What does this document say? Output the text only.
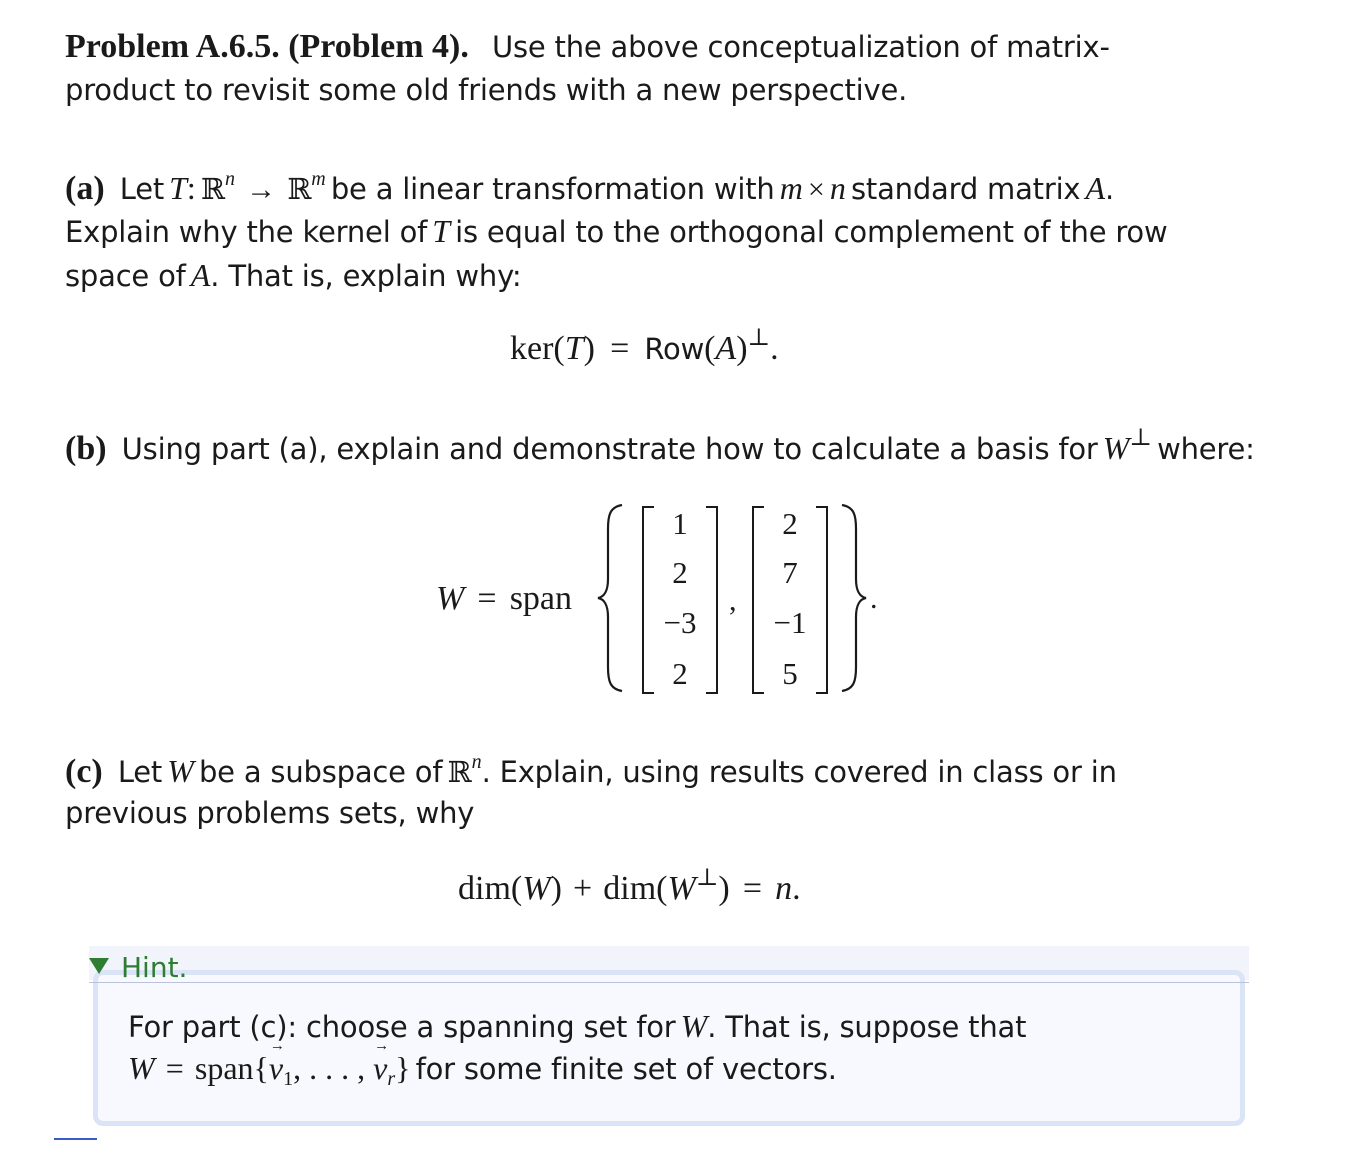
Problem A.6.5. (Problem 4). Use the above conceptualization of matrix-
product to revisit some old friends with a new perspective.
(a) Let T: ℝ$^n$ → ℝ$^m$ be a linear transformation with m × n standard matrix A.
Explain why the kernel of T is equal to the orthogonal complement of the row
space of A. That is, explain why:
ker(T) = Row(A)⊥.
(b) Using part (a), explain and demonstrate how to calculate a basis for W⊥ where:
W = span
1
2
−3
2
,
2
7
−1
5
.
(c) Let W be a subspace of ℝ$^n$. Explain, using results covered in class or in
previous problems sets, why
dim(W) + dim(W⊥) = n.
Hint.
For part (c): choose a spanning set for W. That is, suppose that
W = span{→ $v_1$, . . . , → $v_r$} for some finite set of vectors.
